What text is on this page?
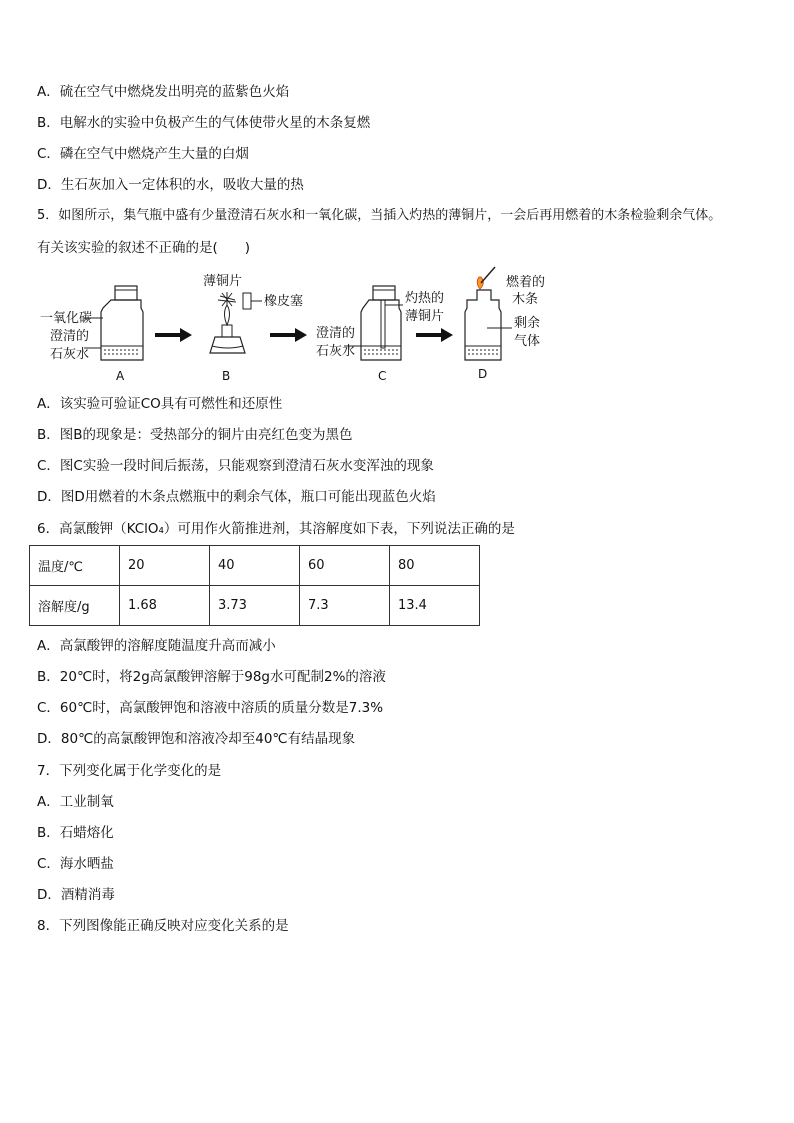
A．硫在空气中燃烧发出明亮的蓝紫色火焰
B．电解水的实验中负极产生的气体使带火星的木条复燃
C．磷在空气中燃烧产生大量的白烟
D．生石灰加入一定体积的水，吸收大量的热
5．如图所示，集气瓶中盛有少量澄清石灰水和一氧化碳，当插入灼热的薄铜片，一会后再用燃着的木条检验剩余气体。
有关该实验的叙述不正确的是(　　)
一氧化碳
澄清的
石灰水
A
薄铜片
橡皮塞
B
灼热的
薄铜片
澄清的
石灰水
C
燃着的
木条
剩余
气体
D
A．该实验可验证CO具有可燃性和还原性
B．图B的现象是：受热部分的铜片由亮红色变为黑色
C．图C实验一段时间后振荡，只能观察到澄清石灰水变浑浊的现象
D．图D用燃着的木条点燃瓶中的剩余气体，瓶口可能出现蓝色火焰
6．高氯酸钾（KClO₄）可用作火箭推进剂，其溶解度如下表，下列说法正确的是
温度/℃	20	40	60	80
溶解度/g	1.68	3.73	7.3	13.4
A．高氯酸钾的溶解度随温度升高而减小
B．20℃时，将2g高氯酸钾溶解于98g水可配制2%的溶液
C．60℃时，高氯酸钾饱和溶液中溶质的质量分数是7.3%
D．80℃的高氯酸钾饱和溶液冷却至40℃有结晶现象
7．下列变化属于化学变化的是
A．工业制氧
B．石蜡熔化
C．海水晒盐
D．酒精消毒
8．下列图像能正确反映对应变化关系的是
